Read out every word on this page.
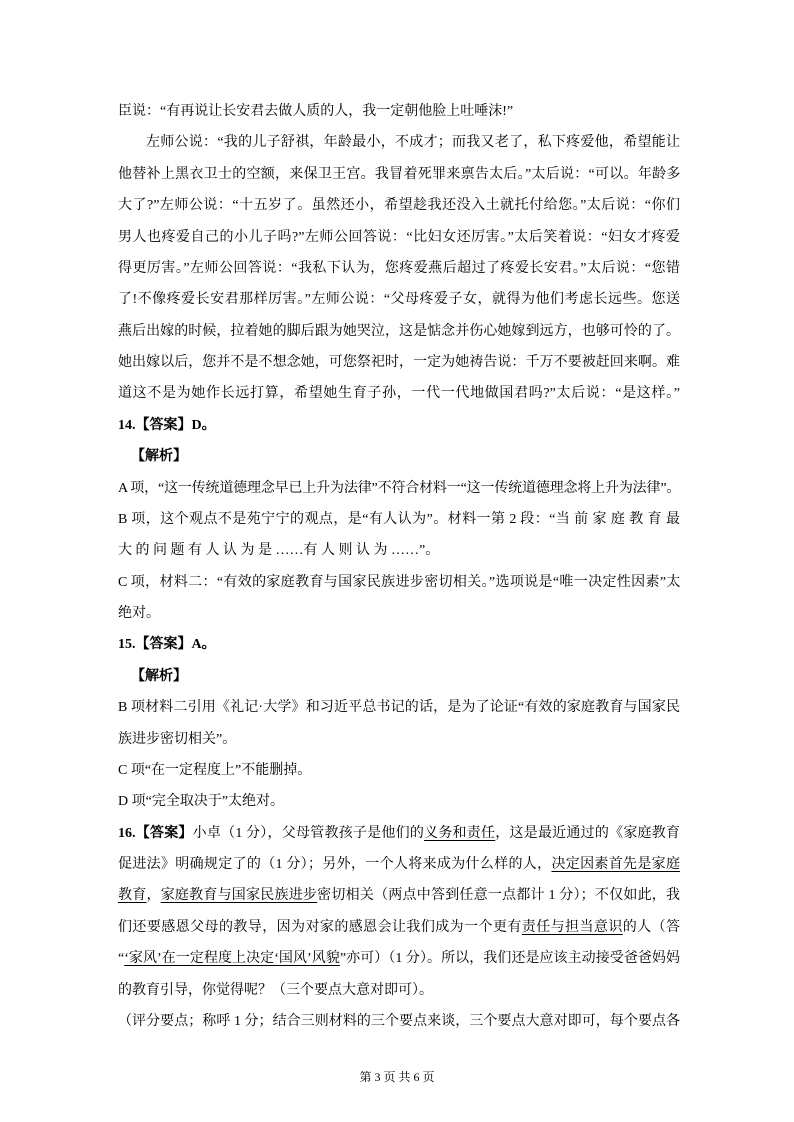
臣说：“有再说让长安君去做人质的人，我一定朝他脸上吐唾沫!”
左师公说：“我的儿子舒祺，年龄最小，不成才；而我又老了，私下疼爱他，希望能让
他替补上黑衣卫士的空额，来保卫王宫。我冒着死罪来禀告太后。”太后说：“可以。年龄多
大了?”左师公说：“十五岁了。虽然还小，希望趁我还没入土就托付给您。”太后说：“你们
男人也疼爱自己的小儿子吗?”左师公回答说：“比妇女还厉害。”太后笑着说：“妇女才疼爱
得更厉害。”左师公回答说：“我私下认为，您疼爱燕后超过了疼爱长安君。”太后说：“您错
了!不像疼爱长安君那样厉害。”左师公说：“父母疼爱子女，就得为他们考虑长远些。您送
燕后出嫁的时候，拉着她的脚后跟为她哭泣，这是惦念并伤心她嫁到远方，也够可怜的了。
她出嫁以后，您并不是不想念她，可您祭祀时，一定为她祷告说：千万不要被赶回来啊。难
道这不是为她作长远打算，希望她生育子孙，一代一代地做国君吗?”太后说：“是这样。”
14.【答案】D。
【解析】
A 项，“这一传统道德理念早已上升为法律”不符合材料一“这一传统道德理念将上升为法律”。
B 项，这个观点不是苑宁宁的观点，是“有人认为”。材料一第 2 段：“当 前 家 庭 教 育 最
大 的 问 题 有 人 认 为 是 ……有 人 则 认 为 ……”。
C 项，材料二：“有效的家庭教育与国家民族进步密切相关。”选项说是“唯一决定性因素”太
绝对。
15.【答案】A。
【解析】
B 项材料二引用《礼记·大学》和习近平总书记的话，是为了论证“有效的家庭教育与国家民
族进步密切相关”。
C 项“在一定程度上”不能删掉。
D 项“完全取决于”太绝对。
16.【答案】小卓（1 分），父母管教孩子是他们的义务和责任，这是最近通过的《家庭教育
促进法》明确规定了的（1 分）；另外，一个人将来成为什么样的人，决定因素首先是家庭
教育，家庭教育与国家民族进步密切相关（两点中答到任意一点都计 1 分）；不仅如此，我
们还要感恩父母的教导，因为对家的感恩会让我们成为一个更有责任与担当意识的人（答
“‘家风’在一定程度上决定‘国风’风貌”亦可）（1 分）。所以，我们还是应该主动接受爸爸妈妈
的教育引导，你觉得呢？（三个要点大意对即可）。
（评分要点；称呼 1 分；结合三则材料的三个要点来谈，三个要点大意对即可，每个要点各
第 3 页 共 6 页
